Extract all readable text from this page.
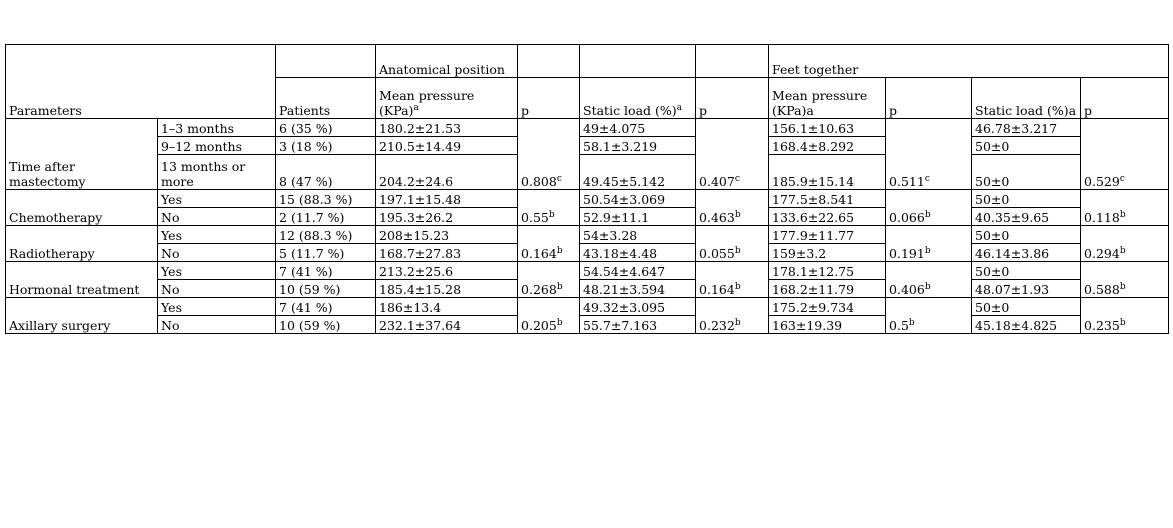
Parameters			Anatomical position				Feet together			
		Patients	Mean pressure (KPa)$^a$	p	Static load (%)$^a$	p	Mean pressure (KPa)a	p	Static load (%)a	p
Time after mastectomy	1–3 months	6 (35 %)	180.2±21.53	0.808$^c$	49±4.075	0.407$^c$	156.1±10.63	0.511$^c$	46.78±3.217	0.529$^c$
	9–12 months	3 (18 %)	210.5±14.49		58.1±3.219		168.4±8.292		50±0	
	13 months or more	8 (47 %)	204.2±24.6		49.45±5.142		185.9±15.14		50±0	
Chemotherapy	Yes	15 (88.3 %)	197.1±15.48	0.55$^b$	50.54±3.069	0.463$^b$	177.5±8.541	0.066$^b$	50±0	0.118$^b$
	No	2 (11.7 %)	195.3±26.2		52.9±11.1		133.6±22.65		40.35±9.65	
Radiotherapy	Yes	12 (88.3 %)	208±15.23	0.164$^b$	54±3.28	0.055$^b$	177.9±11.77	0.191$^b$	50±0	0.294$^b$
	No	5 (11.7 %)	168.7±27.83		43.18±4.48		159±3.2		46.14±3.86	
Hormonal treatment	Yes	7 (41 %)	213.2±25.6	0.268$^b$	54.54±4.647	0.164$^b$	178.1±12.75	0.406$^b$	50±0	0.588$^b$
	No	10 (59 %)	185.4±15.28		48.21±3.594		168.2±11.79		48.07±1.93	
Axillary surgery	Yes	7 (41 %)	186±13.4	0.205$^b$	49.32±3.095	0.232$^b$	175.2±9.734	0.5$^b$	50±0	0.235$^b$
	No	10 (59 %)	232.1±37.64		55.7±7.163		163±19.39		45.18±4.825	
